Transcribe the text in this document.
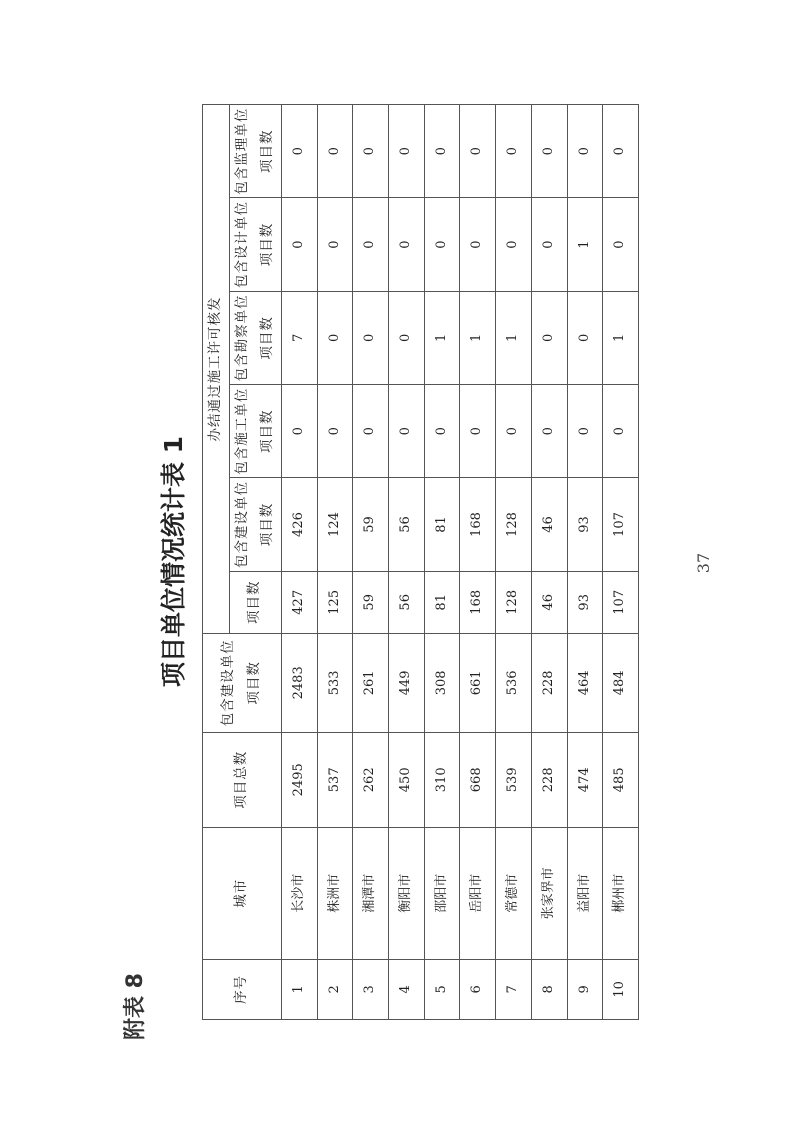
附表 8
项目单位情况统计表 1
序号	城市	项目总数	包含建设单位项目数	办结通过施工许可核发					
				项目数	包含建设单位项目数	包含施工单位项目数	包含勘察单位项目数	包含设计单位项目数	包含监理单位项目数
1	长沙市	2495	2483	427	426	0	7	0	0
2	株洲市	537	533	125	124	0	0	0	0
3	湘潭市	262	261	59	59	0	0	0	0
4	衡阳市	450	449	56	56	0	0	0	0
5	邵阳市	310	308	81	81	0	1	0	0
6	岳阳市	668	661	168	168	0	1	0	0
7	常德市	539	536	128	128	0	1	0	0
8	张家界市	228	228	46	46	0	0	0	0
9	益阳市	474	464	93	93	0	0	1	0
10	郴州市	485	484	107	107	0	1	0	0
37
